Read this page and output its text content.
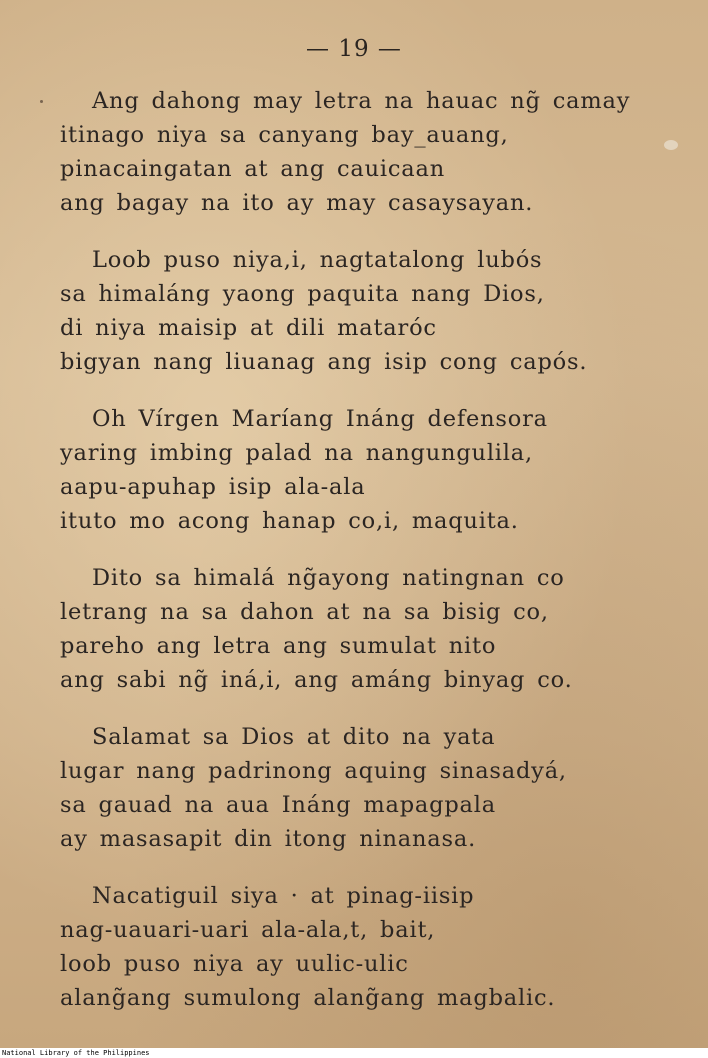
— 19 —
Ang dahong may letra na hauac ng̃ camay
itinago niya sa canyang bay_auang,
pinacaingatan at ang cauicaan
ang bagay na ito ay may casaysayan.
Loob puso niya,i, nagtatalong lubós
sa himaláng yaong paquita nang Dios,
di niya maisip at dili mataróc
bigyan nang liuanag ang isip cong capós.
Oh Vírgen Maríang Ináng defensora
yaring imbing palad na nangungulila,
aapu-apuhap isip ala-ala
ituto mo acong hanap co,i, maquita.
Dito sa himalá ng̃ayong natingnan co
letrang na sa dahon at na sa bisig co,
pareho ang letra ang sumulat nito
ang sabi ng̃ iná,i, ang amáng binyag co.
Salamat sa Dios at dito na yata
lugar nang padrinong aquing sinasadyá,
sa gauad na aua Ináng mapagpala
ay masasapit din itong ninanasa.
Nacatiguil siya · at pinag-iisip
nag-uauari-uari ala-ala,t, bait,
loob puso niya ay uulic-ulic
alang̃ang sumulong alang̃ang magbalic.
National Library of the Philippines
